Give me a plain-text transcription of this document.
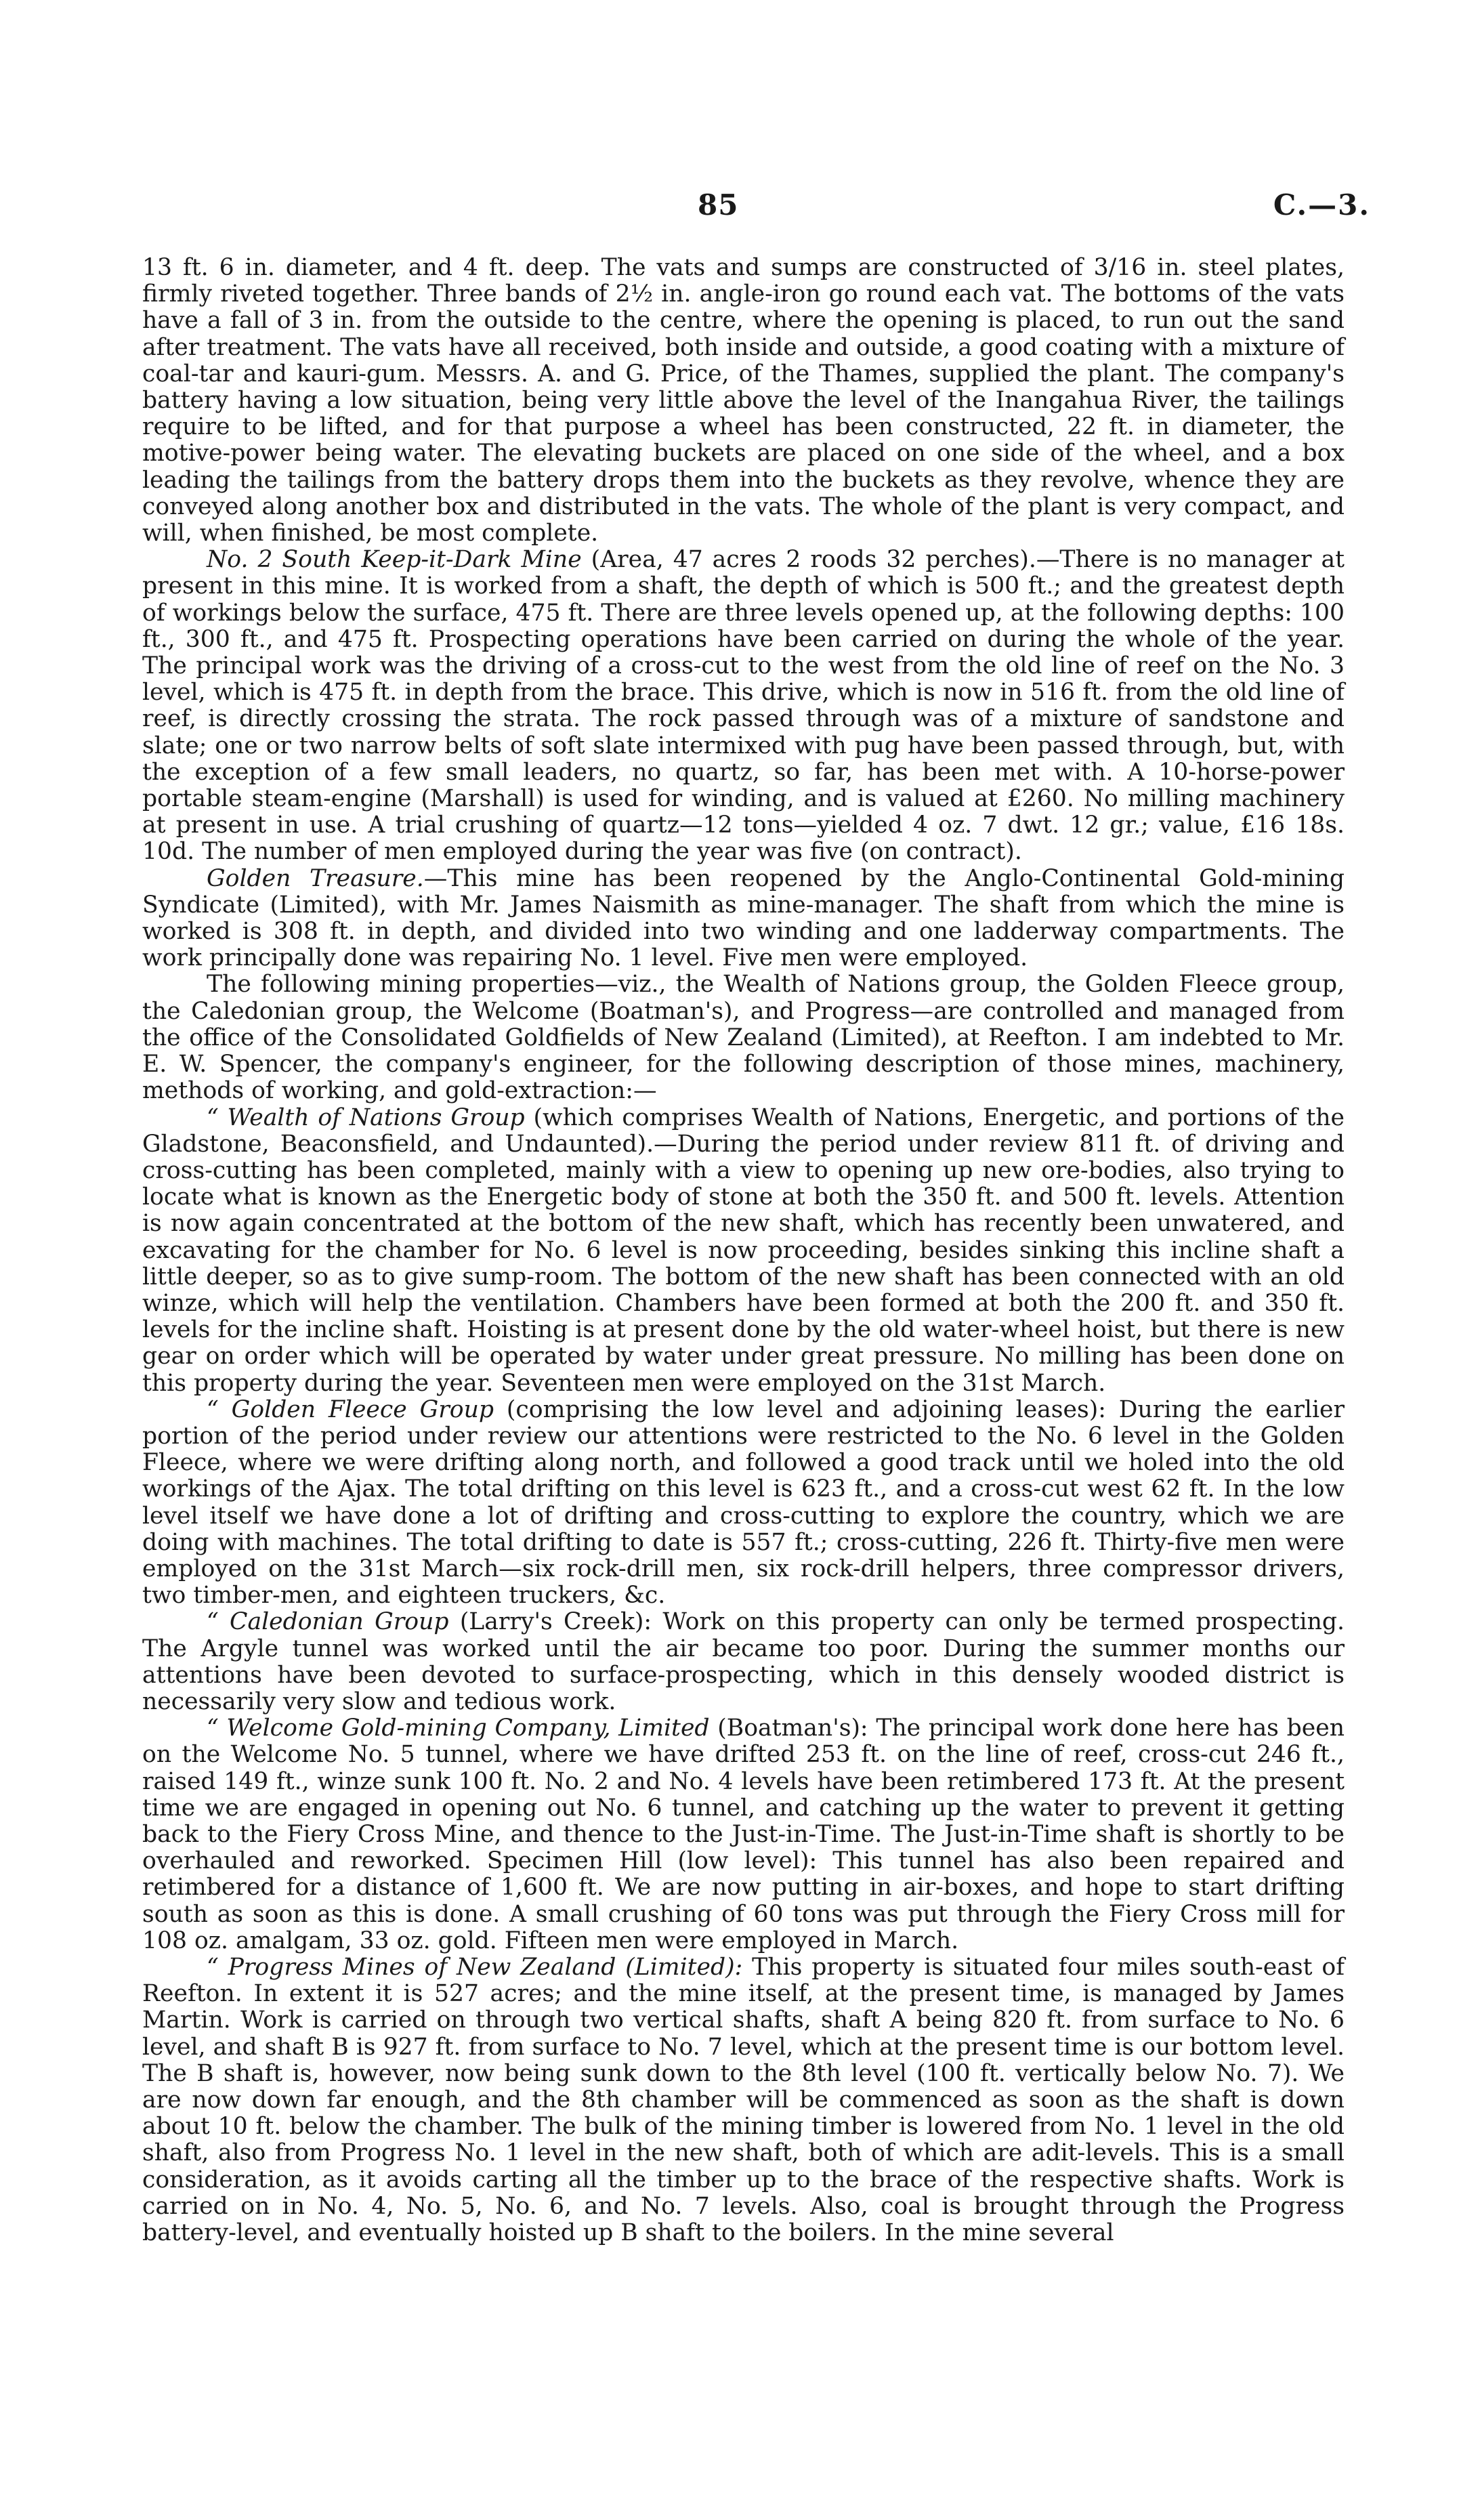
85	C.—3.

13 ft. 6 in. diameter, and 4 ft. deep. The vats and sumps are constructed of 3/16 in. steel plates, firmly riveted together. Three bands of 2½ in. angle-iron go round each vat. The bottoms of the vats have a fall of 3 in. from the outside to the centre, where the opening is placed, to run out the sand after treatment. The vats have all received, both inside and outside, a good coating with a mixture of coal-tar and kauri-gum. Messrs. A. and G. Price, of the Thames, supplied the plant. The company's battery having a low situation, being very little above the level of the Inangahua River, the tailings require to be lifted, and for that purpose a wheel has been constructed, 22 ft. in diameter, the motive-power being water. The elevating buckets are placed on one side of the wheel, and a box leading the tailings from the battery drops them into the buckets as they revolve, whence they are conveyed along another box and distributed in the vats. The whole of the plant is very compact, and will, when finished, be most complete.

No. 2 South Keep-it-Dark Mine (Area, 47 acres 2 roods 32 perches).—There is no manager at present in this mine. It is worked from a shaft, the depth of which is 500 ft.; and the greatest depth of workings below the surface, 475 ft. There are three levels opened up, at the following depths: 100 ft., 300 ft., and 475 ft. Prospecting operations have been carried on during the whole of the year. The principal work was the driving of a cross-cut to the west from the old line of reef on the No. 3 level, which is 475 ft. in depth from the brace. This drive, which is now in 516 ft. from the old line of reef, is directly crossing the strata. The rock passed through was of a mixture of sandstone and slate; one or two narrow belts of soft slate intermixed with pug have been passed through, but, with the exception of a few small leaders, no quartz, so far, has been met with. A 10-horse-power portable steam-engine (Marshall) is used for winding, and is valued at £260. No milling machinery at present in use. A trial crushing of quartz—12 tons—yielded 4 oz. 7 dwt. 12 gr.; value, £16 18s. 10d. The number of men employed during the year was five (on contract).

Golden Treasure.—This mine has been reopened by the Anglo-Continental Gold-mining Syndicate (Limited), with Mr. James Naismith as mine-manager. The shaft from which the mine is worked is 308 ft. in depth, and divided into two winding and one ladderway compartments. The work principally done was repairing No. 1 level. Five men were employed.

The following mining properties—viz., the Wealth of Nations group, the Golden Fleece group, the Caledonian group, the Welcome (Boatman's), and Progress—are controlled and managed from the office of the Consolidated Goldfields of New Zealand (Limited), at Reefton. I am indebted to Mr. E. W. Spencer, the company's engineer, for the following description of those mines, machinery, methods of working, and gold-extraction:—

“ Wealth of Nations Group (which comprises Wealth of Nations, Energetic, and portions of the Gladstone, Beaconsfield, and Undaunted).—During the period under review 811 ft. of driving and cross-cutting has been completed, mainly with a view to opening up new ore-bodies, also trying to locate what is known as the Energetic body of stone at both the 350 ft. and 500 ft. levels. Attention is now again concentrated at the bottom of the new shaft, which has recently been unwatered, and excavating for the chamber for No. 6 level is now proceeding, besides sinking this incline shaft a little deeper, so as to give sump-room. The bottom of the new shaft has been connected with an old winze, which will help the ventilation. Chambers have been formed at both the 200 ft. and 350 ft. levels for the incline shaft. Hoisting is at present done by the old water-wheel hoist, but there is new gear on order which will be operated by water under great pressure. No milling has been done on this property during the year. Seventeen men were employed on the 31st March.

“ Golden Fleece Group (comprising the low level and adjoining leases): During the earlier portion of the period under review our attentions were restricted to the No. 6 level in the Golden Fleece, where we were drifting along north, and followed a good track until we holed into the old workings of the Ajax. The total drifting on this level is 623 ft., and a cross-cut west 62 ft. In the low level itself we have done a lot of drifting and cross-cutting to explore the country, which we are doing with machines. The total drifting to date is 557 ft.; cross-cutting, 226 ft. Thirty-five men were employed on the 31st March—six rock-drill men, six rock-drill helpers, three compressor drivers, two timber-men, and eighteen truckers, &c.

“ Caledonian Group (Larry's Creek): Work on this property can only be termed prospecting. The Argyle tunnel was worked until the air became too poor. During the summer months our attentions have been devoted to surface-prospecting, which in this densely wooded district is necessarily very slow and tedious work.

“ Welcome Gold-mining Company, Limited (Boatman's): The principal work done here has been on the Welcome No. 5 tunnel, where we have drifted 253 ft. on the line of reef, cross-cut 246 ft., raised 149 ft., winze sunk 100 ft. No. 2 and No. 4 levels have been retimbered 173 ft. At the present time we are engaged in opening out No. 6 tunnel, and catching up the water to prevent it getting back to the Fiery Cross Mine, and thence to the Just-in-Time. The Just-in-Time shaft is shortly to be overhauled and reworked. Specimen Hill (low level): This tunnel has also been repaired and retimbered for a distance of 1,600 ft. We are now putting in air-boxes, and hope to start drifting south as soon as this is done. A small crushing of 60 tons was put through the Fiery Cross mill for 108 oz. amalgam, 33 oz. gold. Fifteen men were employed in March.

“ Progress Mines of New Zealand (Limited): This property is situated four miles south-east of Reefton. In extent it is 527 acres; and the mine itself, at the present time, is managed by James Martin. Work is carried on through two vertical shafts, shaft A being 820 ft. from surface to No. 6 level, and shaft B is 927 ft. from surface to No. 7 level, which at the present time is our bottom level. The B shaft is, however, now being sunk down to the 8th level (100 ft. vertically below No. 7). We are now down far enough, and the 8th chamber will be commenced as soon as the shaft is down about 10 ft. below the chamber. The bulk of the mining timber is lowered from No. 1 level in the old shaft, also from Progress No. 1 level in the new shaft, both of which are adit-levels. This is a small consideration, as it avoids carting all the timber up to the brace of the respective shafts. Work is carried on in No. 4, No. 5, No. 6, and No. 7 levels. Also, coal is brought through the Progress battery-level, and eventually hoisted up B shaft to the boilers. In the mine several
